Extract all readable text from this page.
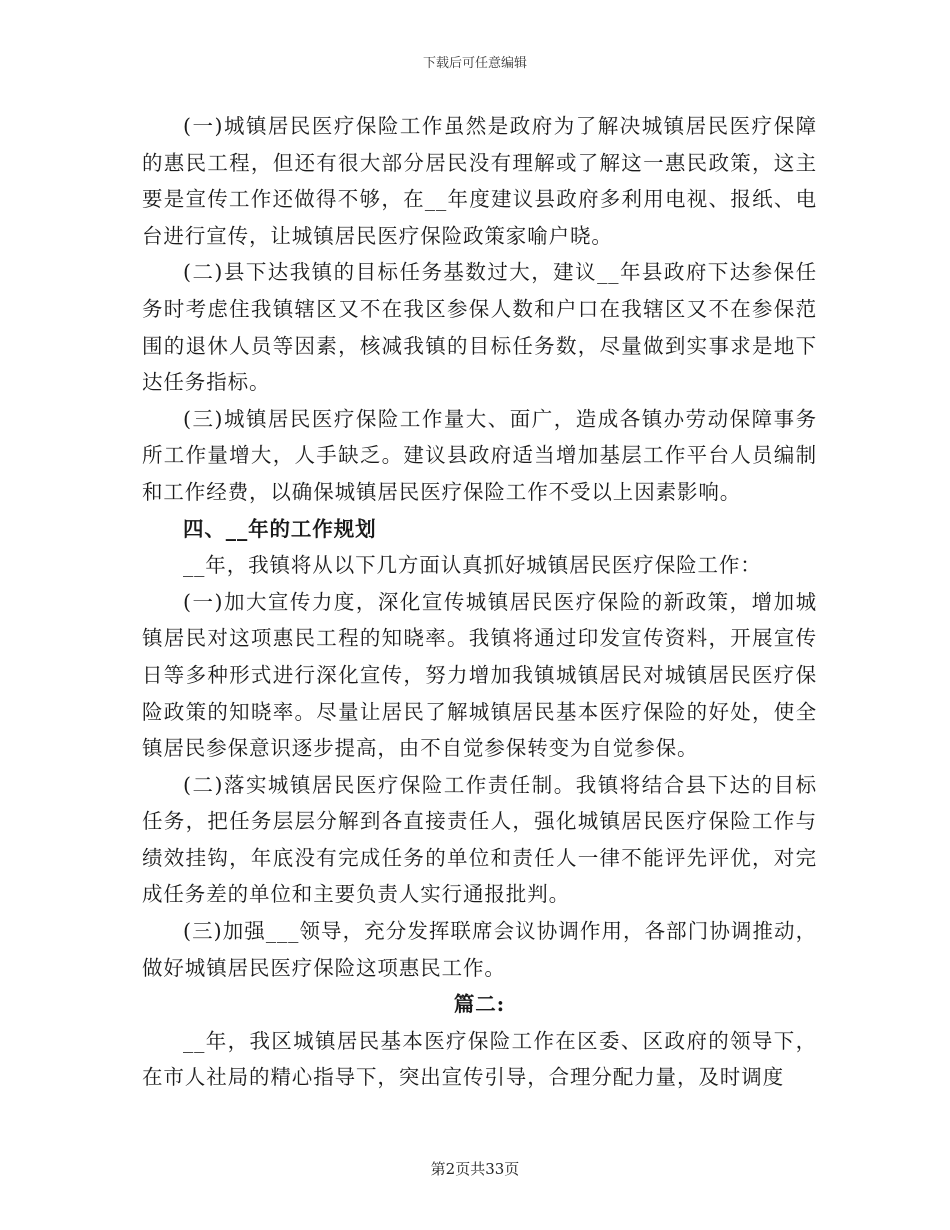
下载后可任意编辑

(一)城镇居民医疗保险工作虽然是政府为了解决城镇居民医疗保障的惠民工程，但还有很大部分居民没有理解或了解这一惠民政策，这主要是宣传工作还做得不够，在__年度建议县政府多利用电视、报纸、电台进行宣传，让城镇居民医疗保险政策家喻户晓。

(二)县下达我镇的目标任务基数过大，建议__年县政府下达参保任务时考虑住我镇辖区又不在我区参保人数和户口在我辖区又不在参保范围的退休人员等因素，核减我镇的目标任务数，尽量做到实事求是地下达任务指标。

(三)城镇居民医疗保险工作量大、面广，造成各镇办劳动保障事务所工作量增大，人手缺乏。建议县政府适当增加基层工作平台人员编制和工作经费，以确保城镇居民医疗保险工作不受以上因素影响。

四、__年的工作规划

__年，我镇将从以下几方面认真抓好城镇居民医疗保险工作：

(一)加大宣传力度，深化宣传城镇居民医疗保险的新政策，增加城镇居民对这项惠民工程的知晓率。我镇将通过印发宣传资料，开展宣传日等多种形式进行深化宣传，努力增加我镇城镇居民对城镇居民医疗保险政策的知晓率。尽量让居民了解城镇居民基本医疗保险的好处，使全镇居民参保意识逐步提高，由不自觉参保转变为自觉参保。

(二)落实城镇居民医疗保险工作责任制。我镇将结合县下达的目标任务，把任务层层分解到各直接责任人，强化城镇居民医疗保险工作与绩效挂钩，年底没有完成任务的单位和责任人一律不能评先评优，对完成任务差的单位和主要负责人实行通报批判。

(三)加强___领导，充分发挥联席会议协调作用，各部门协调推动，做好城镇居民医疗保险这项惠民工作。

篇二:

__年，我区城镇居民基本医疗保险工作在区委、区政府的领导下，在市人社局的精心指导下，突出宣传引导，合理分配力量，及时调度

第2页共33页
